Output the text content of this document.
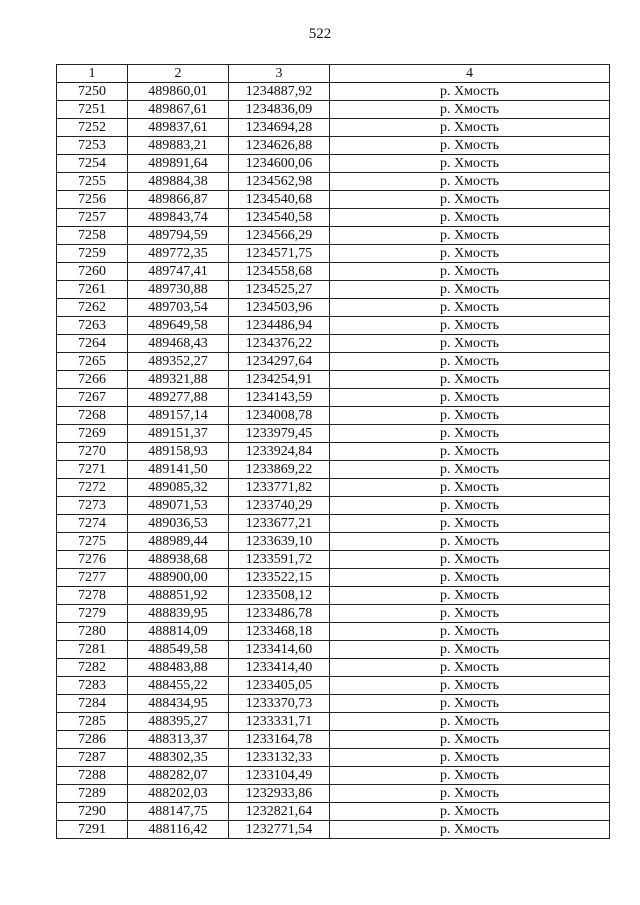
522
1	2	3	4
7250	489860,01	1234887,92	р. Хмость
7251	489867,61	1234836,09	р. Хмость
7252	489837,61	1234694,28	р. Хмость
7253	489883,21	1234626,88	р. Хмость
7254	489891,64	1234600,06	р. Хмость
7255	489884,38	1234562,98	р. Хмость
7256	489866,87	1234540,68	р. Хмость
7257	489843,74	1234540,58	р. Хмость
7258	489794,59	1234566,29	р. Хмость
7259	489772,35	1234571,75	р. Хмость
7260	489747,41	1234558,68	р. Хмость
7261	489730,88	1234525,27	р. Хмость
7262	489703,54	1234503,96	р. Хмость
7263	489649,58	1234486,94	р. Хмость
7264	489468,43	1234376,22	р. Хмость
7265	489352,27	1234297,64	р. Хмость
7266	489321,88	1234254,91	р. Хмость
7267	489277,88	1234143,59	р. Хмость
7268	489157,14	1234008,78	р. Хмость
7269	489151,37	1233979,45	р. Хмость
7270	489158,93	1233924,84	р. Хмость
7271	489141,50	1233869,22	р. Хмость
7272	489085,32	1233771,82	р. Хмость
7273	489071,53	1233740,29	р. Хмость
7274	489036,53	1233677,21	р. Хмость
7275	488989,44	1233639,10	р. Хмость
7276	488938,68	1233591,72	р. Хмость
7277	488900,00	1233522,15	р. Хмость
7278	488851,92	1233508,12	р. Хмость
7279	488839,95	1233486,78	р. Хмость
7280	488814,09	1233468,18	р. Хмость
7281	488549,58	1233414,60	р. Хмость
7282	488483,88	1233414,40	р. Хмость
7283	488455,22	1233405,05	р. Хмость
7284	488434,95	1233370,73	р. Хмость
7285	488395,27	1233331,71	р. Хмость
7286	488313,37	1233164,78	р. Хмость
7287	488302,35	1233132,33	р. Хмость
7288	488282,07	1233104,49	р. Хмость
7289	488202,03	1232933,86	р. Хмость
7290	488147,75	1232821,64	р. Хмость
7291	488116,42	1232771,54	р. Хмость
